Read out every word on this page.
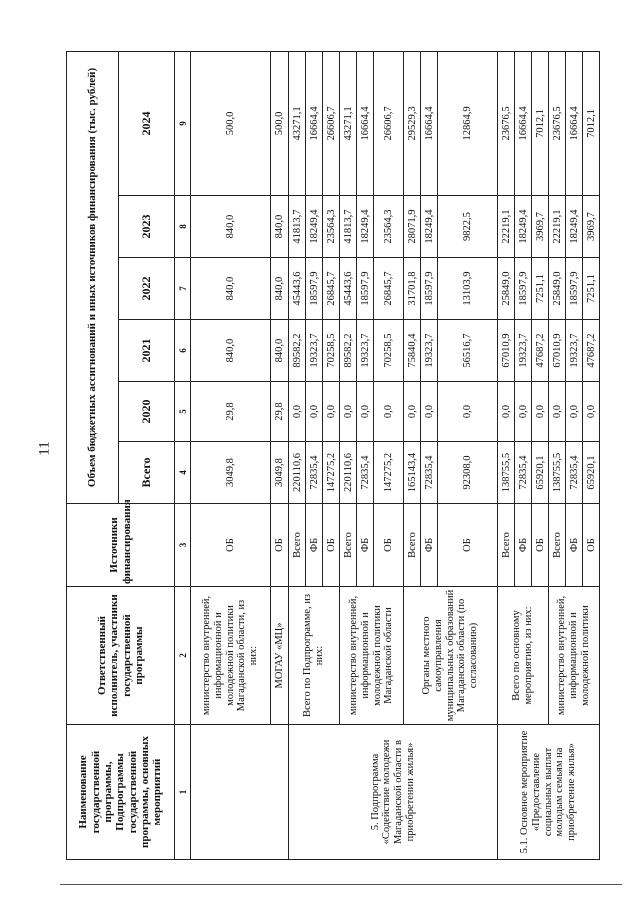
11
Наименование государственной программы, Подпрограммы государственной программы, основных мероприятий	Ответственный исполнитель, участники государственной программы	Источники финансирования	Объем бюджетных ассигнований и иных источников финансирования (тыс. рублей)					
			Всего	2020	2021	2022	2023	2024
1	2	3	4	5	6	7	8	9
	министерство внутренней, информационной и молодежной политики Магаданской области, из них:	ОБ	3049,8	29,8	840,0	840,0	840,0	500,0
	МОГАУ «МЦ»	ОБ	3049,8	29,8	840,0	840,0	840,0	500,0
5. Подпрограмма «Содействие молодежи Магаданской области в приобретении жилья»	Всего по Подпрограмме, из них:	Всего	220110,6	0,0	89582,2	45443,6	41813,7	43271,1
		ФБ	72835,4	0,0	19323,7	18597,9	18249,4	16664,4
		ОБ	147275,2	0,0	70258,5	26845,7	23564,3	26606,7
	министерство внутренней, информационной и молодежной политики Магаданской области	Всего	220110,6	0,0	89582,2	45443,6	41813,7	43271,1
		ФБ	72835,4	0,0	19323,7	18597,9	18249,4	16664,4
		ОБ	147275,2	0,0	70258,5	26845,7	23564,3	26606,7
	Органы местного самоуправления муниципальных образований Магаданской области (по согласованию)	Всего	165143,4	0,0	75840,4	31701,8	28071,9	29529,3
		ФБ	72835,4	0,0	19323,7	18597,9	18249,4	16664,4
		ОБ	92308,0	0,0	56516,7	13103,9	9822,5	12864,9
5.1. Основное мероприятие «Предоставление социальных выплат молодым семьям на приобретение жилья»	Всего по основному мероприятию, из них:	Всего	138755,5	0,0	67010,9	25849,0	22219,1	23676,5
		ФБ	72835,4	0,0	19323,7	18597,9	18249,4	16664,4
		ОБ	65920,1	0,0	47687,2	7251,1	3969,7	7012,1
	министерство внутренней, информационной и молодежной политики	Всего	138755,5	0,0	67010,9	25849,0	22219,1	23676,5
		ФБ	72835,4	0,0	19323,7	18597,9	18249,4	16664,4
		ОБ	65920,1	0,0	47687,2	7251,1	3969,7	7012,1
